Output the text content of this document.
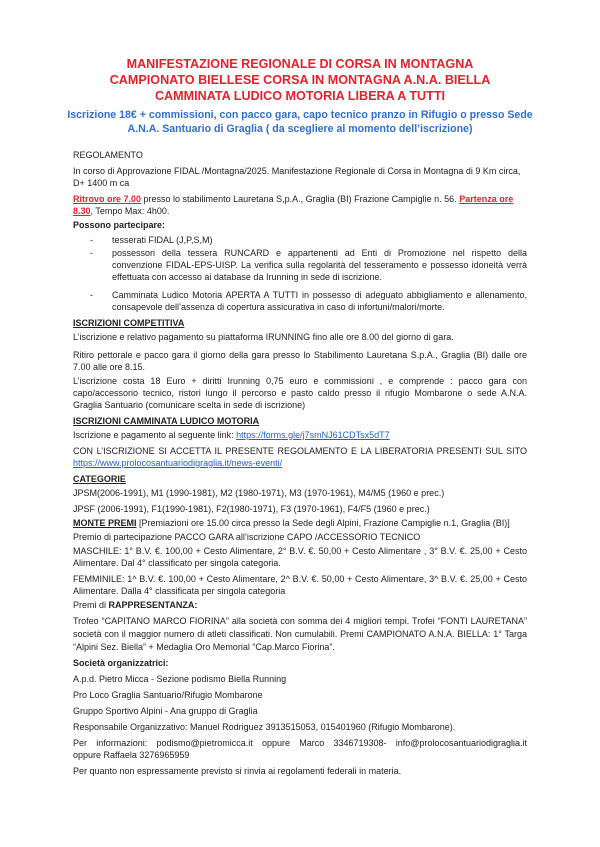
MANIFESTAZIONE REGIONALE DI CORSA IN MONTAGNA
CAMPIONATO BIELLESE CORSA IN MONTAGNA A.N.A. BIELLA
CAMMINATA LUDICO MOTORIA LIBERA A TUTTI
Iscrizione 18€ + commissioni, con pacco gara, capo tecnico pranzo in Rifugio o presso Sede
A.N.A. Santuario di Graglia ( da scegliere al momento dell’iscrizione)
REGOLAMENTO
In corso di Approvazione FIDAL /Montagna/2025. Manifestazione Regionale di Corsa in Montagna di 9 Km circa,
D+ 1400 m ca
Ritrovo ore 7.00 presso lo stabilimento Lauretana S,p.A., Graglia (BI) Frazione Campiglie n. 56. Partenza ore
8.30, Tempo Max: 4h00.
Possono partecipare:
- tesserati FIDAL (J,P,S,M)
- possessori della tessera RUNCARD e appartenenti ad Enti di Promozione nel rispetto della
convenzione FIDAL-EPS-UISP. La verifica sulla regolarità del tesseramento e possesso idoneità verrà
effettuata con accesso ai database da Irunning in sede di iscrizione.
- Camminata Ludico Motoria APERTA A TUTTI in possesso di adeguato abbigliamento e allenamento,
consapevole dell’assenza di copertura assicurativa in caso di infortuni/malori/morte.
ISCRIZIONI COMPETITIVA
L’iscrizione e relativo pagamento su piattaforma IRUNNING fino alle ore 8.00 del giorno di gara.
Ritiro pettorale e pacco gara il giorno della gara presso lo Stabilimento Lauretana S.p.A., Graglia (BI) dalle ore
7.00 alle ore 8.15.
L’iscrizione costa 18 Euro + diritti Irunning 0,75 euro e commissioni , e comprende : pacco gara con
capo/accessorio tecnico, ristori lungo il percorso e pasto caldo presso il rifugio Mombarone o sede A.N.A.
Graglia Santuario (comunicare scelta in sede di iscrizione)
ISCRIZIONI CAMMINATA LUDICO MOTORIA
Iscrizione e pagamento al seguente link: https://forms.gle/j7smNJ61CDTsx5dT7
CON L’ISCRIZIONE SI ACCETTA IL PRESENTE REGOLAMENTO E LA LIBERATORIA PRESENTI SUL SITO
https://www.prolocosantuariodigraglia.it/news-eventi/
CATEGORIE
JPSM(2006-1991), M1 (1990-1981), M2 (1980-1971), M3 (1970-1961), M4/M5 (1960 e prec.)
JPSF (2006-1991), F1(1990-1981), F2(1980-1971), F3 (1970-1961), F4/F5 (1960 e prec.)
MONTE PREMI [Premiazioni ore 15.00 circa presso la Sede degli Alpini, Frazione Campiglie n.1, Graglia (BI)]
Premio di partecipazione PACCO GARA all’iscrizione CAPO /ACCESSORIO TECNICO
MASCHILE: 1° B.V. €. 100,00 + Cesto Alimentare, 2° B.V. €. 50,00 + Cesto Alimentare , 3° B.V. €. 25,00 + Cesto
Alimentare. Dal 4° classificato per singola categoria.
FEMMINILE: 1^ B.V. €. 100,00 + Cesto Alimentare, 2^ B.V. €. 50,00 + Cesto Alimentare, 3^ B.V. €. 25,00 + Cesto
Alimentare. Dalla 4° classificata per singola categoria
Premi di RAPPRESENTANZA:
Trofeo “CAPITANO MARCO FIORINA” alla società con somma dei 4 migliori tempi. Trofei “FONTI LAURETANA”
società con il maggior numero di atleti classificati. Non cumulabili. Premi CAMPIONATO A.N.A. BIELLA: 1° Targa
“Alpini Sez. Biella” + Medaglia Oro Memorial “Cap.Marco Fiorina”.
Società organizzatrici:
A.p.d. Pietro Micca - Sezione podismo Biella Running
Pro Loco Graglia Santuario/Rifugio Mombarone
Gruppo Sportivo Alpini - Ana gruppo di Graglia
Responsabile Organizzativo: Manuel Rodriguez 3913515053, 015401960 (Rifugio Mombarone).
Per informazioni: podismo@pietromicca.it oppure Marco 3346719308- info@prolocosantuariodigraglia.it
oppure Raffaela 3276965959
Per quanto non espressamente previsto si rinvia ai regolamenti federali in materia.
